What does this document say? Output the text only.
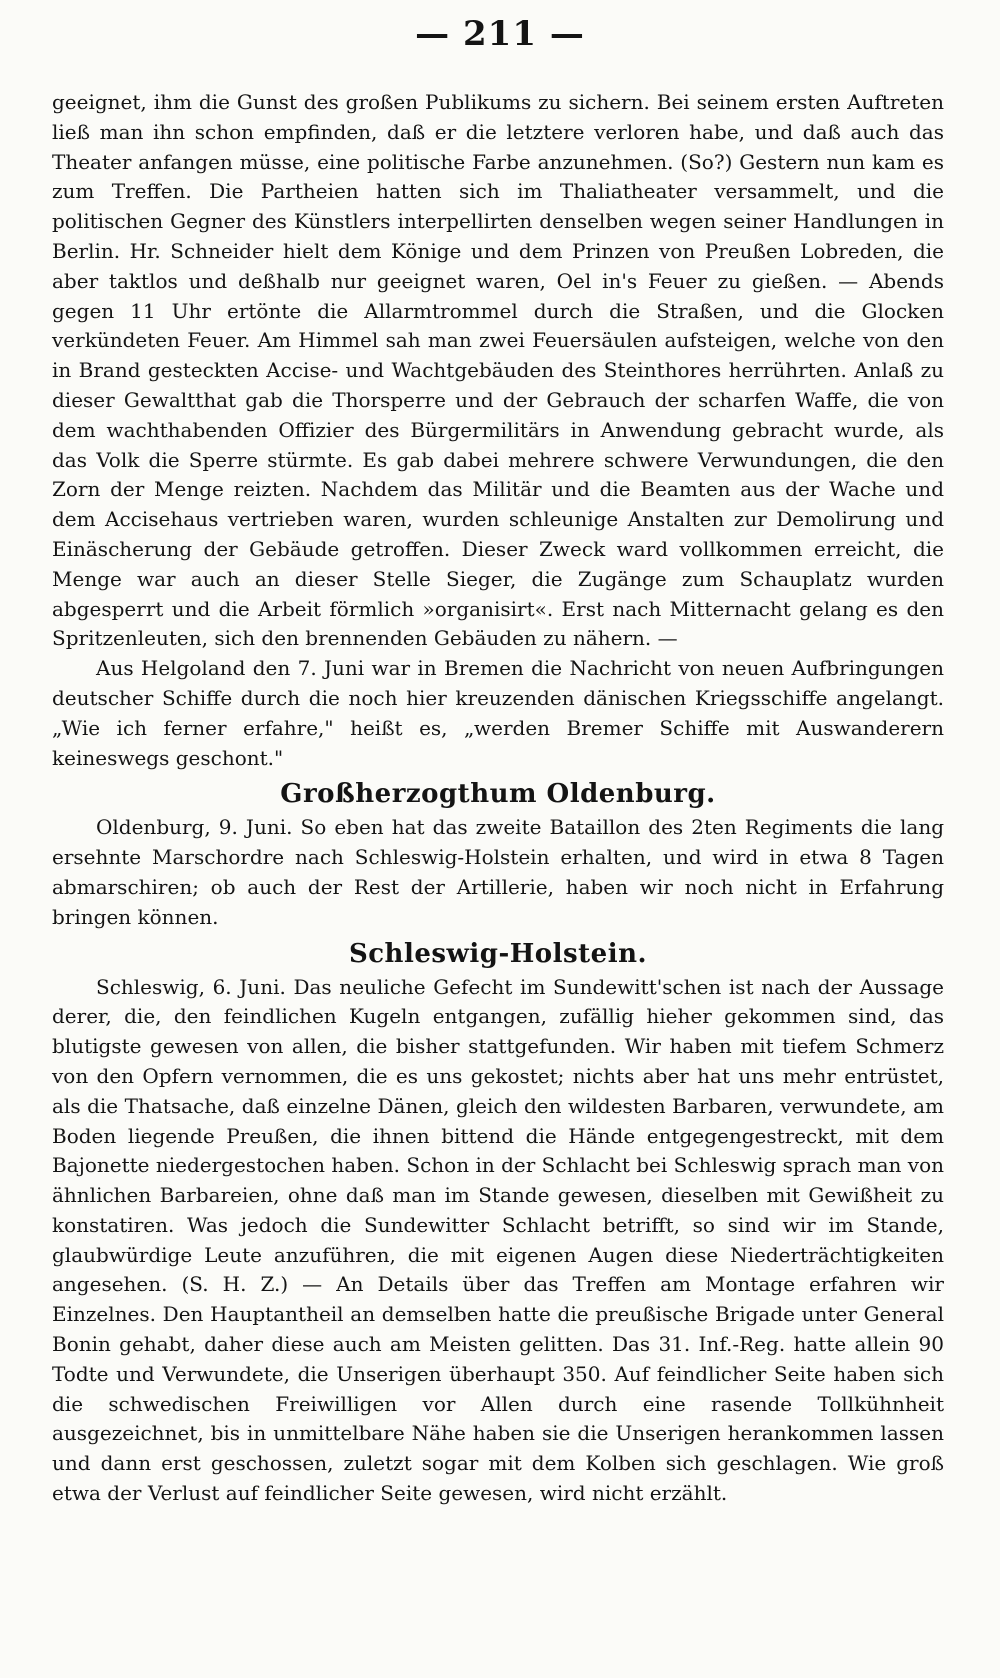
— 211 —

geeignet, ihm die Gunst des großen Publikums zu sichern. Bei seinem ersten Auftreten ließ man ihn schon empfinden, daß er die letztere verloren habe, und daß auch das Theater anfangen müsse, eine politische Farbe anzunehmen. (So?) Gestern nun kam es zum Treffen. Die Partheien hatten sich im Thaliatheater versammelt, und die politischen Gegner des Künstlers interpellirten denselben wegen seiner Handlungen in Berlin. Hr. Schneider hielt dem Könige und dem Prinzen von Preußen Lobreden, die aber taktlos und deßhalb nur geeignet waren, Oel in's Feuer zu gießen. — Abends gegen 11 Uhr ertönte die Allarmtrommel durch die Straßen, und die Glocken verkündeten Feuer. Am Himmel sah man zwei Feuersäulen aufsteigen, welche von den in Brand gesteckten Accise- und Wachtgebäuden des Steinthores herrührten. Anlaß zu dieser Gewaltthat gab die Thorsperre und der Gebrauch der scharfen Waffe, die von dem wachthabenden Offizier des Bürgermilitärs in Anwendung gebracht wurde, als das Volk die Sperre stürmte. Es gab dabei mehrere schwere Verwundungen, die den Zorn der Menge reizten. Nachdem das Militär und die Beamten aus der Wache und dem Accisehaus vertrieben waren, wurden schleunige Anstalten zur Demolirung und Einäscherung der Gebäude getroffen. Dieser Zweck ward vollkommen erreicht, die Menge war auch an dieser Stelle Sieger, die Zugänge zum Schauplatz wurden abgesperrt und die Arbeit förmlich »organisirt«. Erst nach Mitternacht gelang es den Spritzenleuten, sich den brennenden Gebäuden zu nähern. —

Aus Helgoland den 7. Juni war in Bremen die Nachricht von neuen Aufbringungen deutscher Schiffe durch die noch hier kreuzenden dänischen Kriegsschiffe angelangt. „Wie ich ferner erfahre," heißt es, „werden Bremer Schiffe mit Auswanderern keineswegs geschont."

Großherzogthum Oldenburg.

Oldenburg, 9. Juni. So eben hat das zweite Bataillon des 2ten Regiments die lang ersehnte Marschordre nach Schleswig-Holstein erhalten, und wird in etwa 8 Tagen abmarschiren; ob auch der Rest der Artillerie, haben wir noch nicht in Erfahrung bringen können.

Schleswig-Holstein.

Schleswig, 6. Juni. Das neuliche Gefecht im Sundewitt'schen ist nach der Aussage derer, die, den feindlichen Kugeln entgangen, zufällig hieher gekommen sind, das blutigste gewesen von allen, die bisher stattgefunden. Wir haben mit tiefem Schmerz von den Opfern vernommen, die es uns gekostet; nichts aber hat uns mehr entrüstet, als die Thatsache, daß einzelne Dänen, gleich den wildesten Barbaren, verwundete, am Boden liegende Preußen, die ihnen bittend die Hände entgegengestreckt, mit dem Bajonette niedergestochen haben. Schon in der Schlacht bei Schleswig sprach man von ähnlichen Barbareien, ohne daß man im Stande gewesen, dieselben mit Gewißheit zu konstatiren. Was jedoch die Sundewitter Schlacht betrifft, so sind wir im Stande, glaubwürdige Leute anzuführen, die mit eigenen Augen diese Niederträchtigkeiten angesehen. (S. H. Z.) — An Details über das Treffen am Montage erfahren wir Einzelnes. Den Hauptantheil an demselben hatte die preußische Brigade unter General Bonin gehabt, daher diese auch am Meisten gelitten. Das 31. Inf.-Reg. hatte allein 90 Todte und Verwundete, die Unserigen überhaupt 350. Auf feindlicher Seite haben sich die schwedischen Freiwilligen vor Allen durch eine rasende Tollkühnheit ausgezeichnet, bis in unmittelbare Nähe haben sie die Unserigen herankommen lassen und dann erst geschossen, zuletzt sogar mit dem Kolben sich geschlagen. Wie groß etwa der Verlust auf feindlicher Seite gewesen, wird nicht erzählt.
